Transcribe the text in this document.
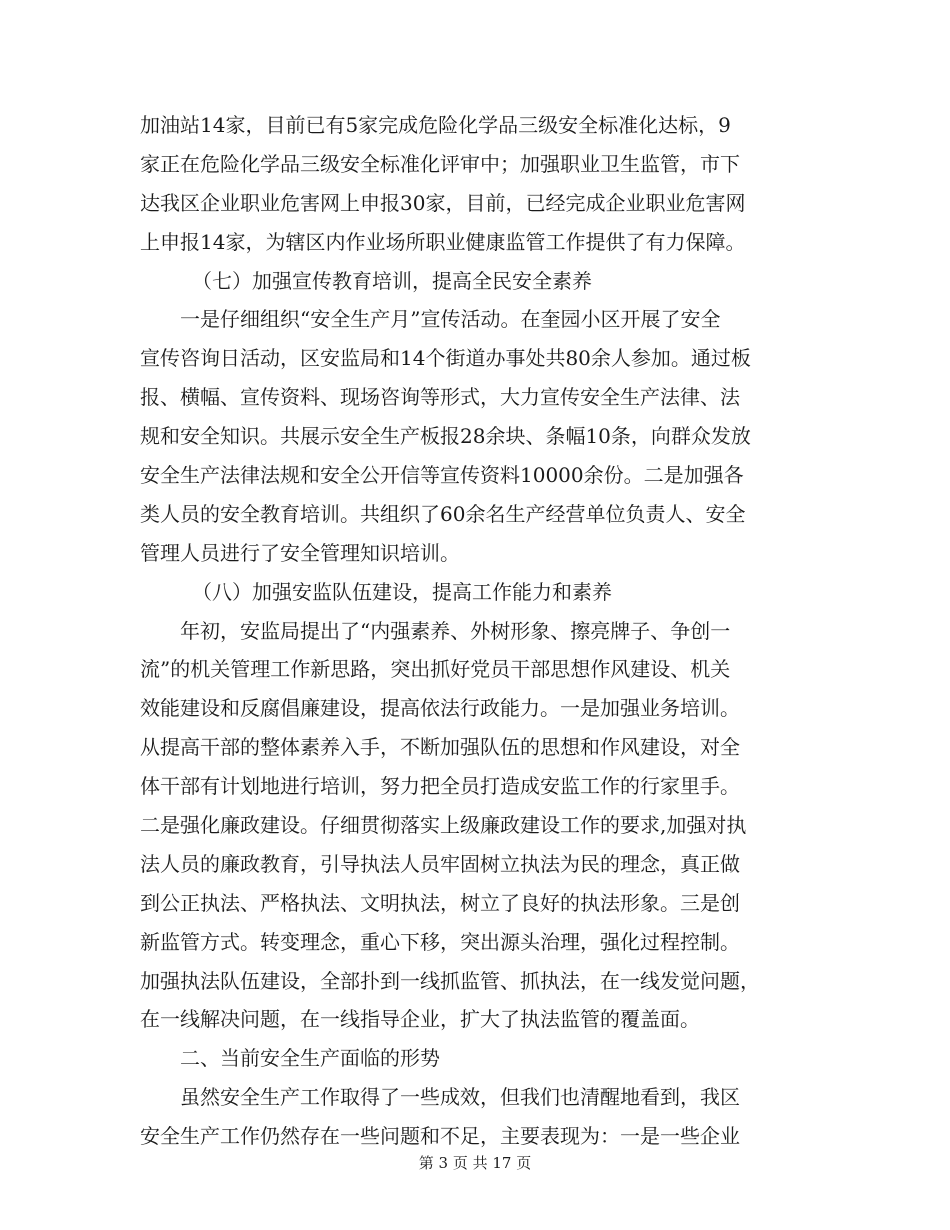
加油站14家，目前已有5家完成危险化学品三级安全标准化达标，9
家正在危险化学品三级安全标准化评审中；加强职业卫生监管，市下
达我区企业职业危害网上申报30家，目前，已经完成企业职业危害网
上申报14家，为辖区内作业场所职业健康监管工作提供了有力保障。
（七）加强宣传教育培训，提高全民安全素养
一是仔细组织“安全生产月”宣传活动。在奎园小区开展了安全
宣传咨询日活动，区安监局和14个街道办事处共80余人参加。通过板
报、横幅、宣传资料、现场咨询等形式，大力宣传安全生产法律、法
规和安全知识。共展示安全生产板报28余块、条幅10条，向群众发放
安全生产法律法规和安全公开信等宣传资料10000余份。二是加强各
类人员的安全教育培训。共组织了60余名生产经营单位负责人、安全
管理人员进行了安全管理知识培训。
（八）加强安监队伍建设，提高工作能力和素养
年初，安监局提出了“内强素养、外树形象、擦亮牌子、争创一
流”的机关管理工作新思路，突出抓好党员干部思想作风建设、机关
效能建设和反腐倡廉建设，提高依法行政能力。一是加强业务培训。
从提高干部的整体素养入手，不断加强队伍的思想和作风建设，对全
体干部有计划地进行培训，努力把全员打造成安监工作的行家里手。
二是强化廉政建设。仔细贯彻落实上级廉政建设工作的要求,加强对执
法人员的廉政教育，引导执法人员牢固树立执法为民的理念，真正做
到公正执法、严格执法、文明执法，树立了良好的执法形象。三是创
新监管方式。转变理念，重心下移，突出源头治理，强化过程控制。
加强执法队伍建设，全部扑到一线抓监管、抓执法，在一线发觉问题，
在一线解决问题，在一线指导企业，扩大了执法监管的覆盖面。
二、当前安全生产面临的形势
虽然安全生产工作取得了一些成效，但我们也清醒地看到，我区
安全生产工作仍然存在一些问题和不足，主要表现为：一是一些企业
第 3 页 共 17 页
